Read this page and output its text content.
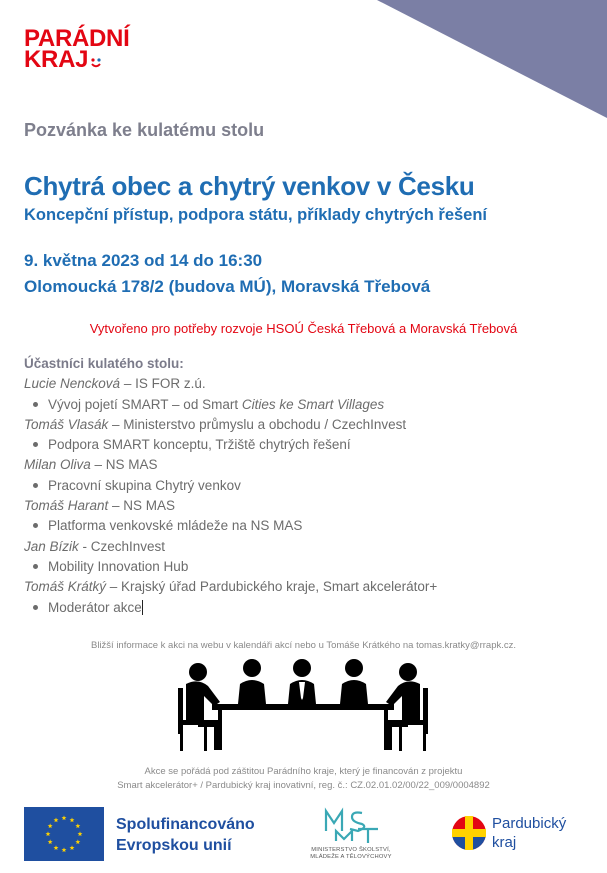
PARÁDNÍ
KRAJ
Pozvánka ke kulatému stolu
Chytrá obec a chytrý venkov v Česku
Koncepční přístup, podpora státu, příklady chytrých řešení
9. května 2023 od 14 do 16:30
Olomoucká 178/2 (budova MÚ), Moravská Třebová
Vytvořeno pro potřeby rozvoje HSOÚ Česká Třebová a Moravská Třebová
Účastníci kulatého stolu:
Lucie Nencková – IS FOR z.ú.
Vývoj pojetí SMART – od Smart Cities ke Smart Villages
Tomáš Vlasák – Ministerstvo průmyslu a obchodu / CzechInvest
Podpora SMART konceptu, Tržiště chytrých řešení
Milan Oliva – NS MAS
Pracovní skupina Chytrý venkov
Tomáš Harant – NS MAS
Platforma venkovské mládeže na NS MAS
Jan Bízik - CzechInvest
Mobility Innovation Hub
Tomáš Krátký – Krajský úřad Pardubického kraje, Smart akcelerátor+
Moderátor akce
Bližší informace k akci na webu v kalendáři akcí nebo u Tomáše Krátkého na tomas.kratky@rrapk.cz.
Akce se pořádá pod záštitou Parádního kraje, který je financován z projektu
Smart akcelerátor+ / Pardubický kraj inovativní, reg. č.: CZ.02.01.02/00/22_009/0004892
Spolufinancováno
Evropskou unií	MINISTERSTVO ŠKOLSTVÍ,
MLÁDEŽE A TĚLOVÝCHOVY
Pardubický
kraj
